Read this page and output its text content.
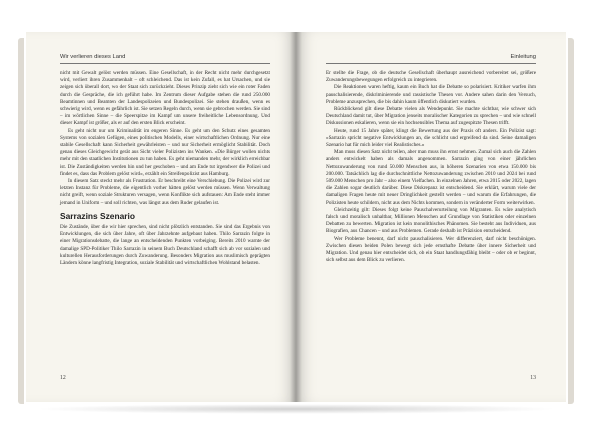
Wir verlieren dieses Land

nicht mit Gewalt gelöst werden müssen. Eine Gesellschaft, in der Recht nicht mehr durchgesetzt wird, verliert ihren Zusammenhalt – oft schleichend. Das ist kein Zufall, es hat Ursachen, und sie zeigen sich überall dort, wo der Staat sich zurückzieht. Dieses Prinzip zieht sich wie ein roter Faden durch die Gespräche, die ich geführt habe. Im Zentrum dieser Aufgabe stehen die rund 250.000 Beamtinnen und Beamten der Landespolizeien und Bundespolizei. Sie stehen draußen, wenn es schwierig wird, wenn es gefährlich ist. Sie setzen Regeln durch, wenn sie gebrochen werden. Sie sind – im wörtlichen Sinne – die Speerspitze im Kampf um unsere freiheitliche Lebensordnung. Und dieser Kampf ist größer, als er auf den ersten Blick erscheint.

Es geht nicht nur um Kriminalität im engeren Sinne. Es geht um den Schutz eines gesamten Systems von sozialen Gefügen, eines politischen Modells, einer wirtschaftlichen Ordnung. Nur eine stabile Gesellschaft kann Sicherheit gewährleisten – und nur Sicherheit ermöglicht Stabilität. Doch genau dieses Gleichgewicht gerät aus Sicht vieler Polizisten ins Wanken. »Die Bürger wollen nichts mehr mit den staatlichen Institutionen zu tun haben. Es geht niemanden mehr, der wirklich erreichbar ist. Die Zuständigkeiten werden hin und her geschoben – und am Ende tut irgendwer die Polizei und findet es, dass das Problem gelöst wird«, erzählt ein Streifenpolizist aus Hamburg.

In diesem Satz steckt mehr als Frustration. Er beschreibt eine Verschiebung. Die Polizei wird zur letzten Instanz für Probleme, die eigentlich vorher hätten gelöst werden müssen. Wenn Verwaltung nicht greift, wenn soziale Strukturen versagen, wenn Konflikte sich aufstauen: Am Ende steht immer jemand in Uniform – und soll richten, was längst aus dem Ruder gelaufen ist.

Sarrazins Szenario

Die Zustände, über die wir hier sprechen, sind nicht plötzlich entstanden. Sie sind das Ergebnis von Entwicklungen, die sich über Jahre, oft über Jahrzehnte aufgebaut haben. Thilo Sarrazin folgte in einer Migrationsdebatte, die lange an entscheidenden Punkten vorbeiging. Bereits 2010 warnte der damalige SPD-Politiker Thilo Sarrazin in seinem Buch Deutschland schafft sich ab vor sozialen und kulturellen Herausforderungen durch Zuwanderung. Besonders Migration aus muslimisch geprägten Ländern könne langfristig Integration, soziale Stabilität und wirtschaftlichen Wohlstand belasten.

12
Einleitung

Er stellte die Frage, ob die deutsche Gesellschaft überhaupt ausreichend vorbereitet sei, größere Zuwanderungsbewegungen erfolgreich zu integrieren.

Die Reaktionen waren heftig, kaum ein Buch hat die Debatte so polarisiert. Kritiker warfen ihm pauschalisierende, diskriminierende und rassistische Thesen vor. Andere sahen darin den Versuch, Probleme anzusprechen, die bis dahin kaum öffentlich diskutiert wurden.

Rückblickend gilt diese Debatte vielen als Wendepunkt. Sie machte sichtbar, wie schwer sich Deutschland damit tut, über Migration jenseits moralischer Kategorien zu sprechen – und wie schnell Diskussionen eskalieren, wenn sie ein hochsensibles Thema auf zugespitzte Thesen trifft.

Heute, rund 15 Jahre später, klingt die Bewertung aus der Praxis oft anders. Ein Polizist sagt: »Sarrazin spricht negative Entwicklungen an, die schlicht und ergreifend da sind. Seine damaligen Szenario hat für mich leider viel Realistisches.«

Man muss diesen Satz nicht teilen, aber man muss ihn ernst nehmen. Zumal sich auch die Zahlen anders entwickelt haben als damals angenommen. Sarrazin ging von einer jährlichen Nettozuwanderung von rund 50.000 Menschen aus, in höheren Szenarien von etwa 150.000 bis 200.000. Tatsächlich lag die durchschnittliche Nettozuwanderung zwischen 2010 und 2024 bei rund 509.000 Menschen pro Jahr – also einem Vielfachen. In einzelnen Jahren, etwa 2015 oder 2022, lagen die Zahlen sogar deutlich darüber. Diese Diskrepanz ist entscheidend. Sie erklärt, warum viele der damaligen Fragen heute mit neuer Dringlichkeit gestellt werden – und warum die Erfahrungen, die Polizisten heute schildern, nicht aus dem Nichts kommen, sondern in veränderter Form weiterwirken.

Gleichzeitig gilt: Dieses folgt keine Pauschalverurteilung von Migranten. Es wäre analytisch falsch und moralisch unhaltbar, Millionen Menschen auf Grundlage von Statistiken oder einzelnen Debatten zu bewerten. Migration ist kein monolithisches Phänomen. Sie besteht aus Individuen, aus Biografien, aus Chancen – und aus Problemen. Gerade deshalb ist Präzision entscheidend.

Wer Probleme benennt, darf nicht pauschalisieren. Wer differenziert, darf nicht beschönigen. Zwischen diesen beiden Polen bewegt sich jede ernsthafte Debatte über innere Sicherheit und Migration. Und genau hier entscheidet sich, ob ein Staat handlungsfähig bleibt – oder ob er beginnt, sich selbst aus dem Blick zu verlieren.

13
